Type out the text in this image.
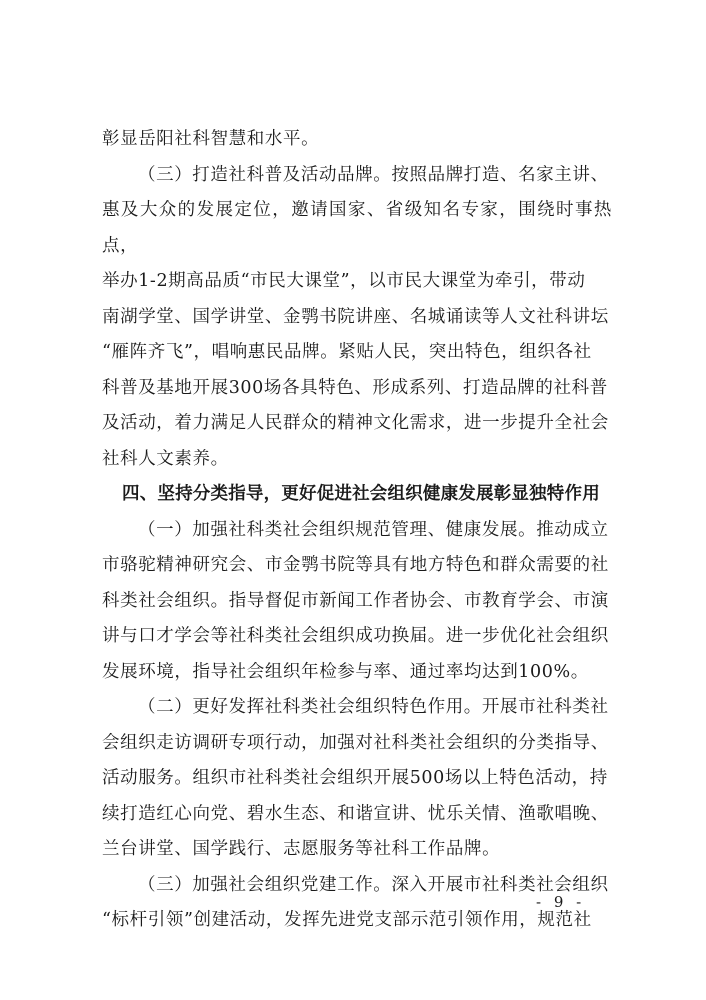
彰显岳阳社科智慧和水平。

（三）打造社科普及活动品牌。按照品牌打造、名家主讲、
惠及大众的发展定位，邀请国家、省级知名专家，围绕时事热点，
举办1-2期高品质“市民大课堂”，以市民大课堂为牵引，带动
南湖学堂、国学讲堂、金鹗书院讲座、名城诵读等人文社科讲坛
“雁阵齐飞”，唱响惠民品牌。紧贴人民，突出特色，组织各社
科普及基地开展300场各具特色、形成系列、打造品牌的社科普
及活动，着力满足人民群众的精神文化需求，进一步提升全社会
社科人文素养。

四、坚持分类指导，更好促进社会组织健康发展彰显独特作用

（一）加强社科类社会组织规范管理、健康发展。推动成立
市骆驼精神研究会、市金鹗书院等具有地方特色和群众需要的社
科类社会组织。指导督促市新闻工作者协会、市教育学会、市演
讲与口才学会等社科类社会组织成功换届。进一步优化社会组织
发展环境，指导社会组织年检参与率、通过率均达到100%。

（二）更好发挥社科类社会组织特色作用。开展市社科类社
会组织走访调研专项行动，加强对社科类社会组织的分类指导、
活动服务。组织市社科类社会组织开展500场以上特色活动，持
续打造红心向党、碧水生态、和谐宣讲、忧乐关情、渔歌唱晚、
兰台讲堂、国学践行、志愿服务等社科工作品牌。

（三）加强社会组织党建工作。深入开展市社科类社会组织
“标杆引领”创建活动，发挥先进党支部示范引领作用，规范社

- 9 -
